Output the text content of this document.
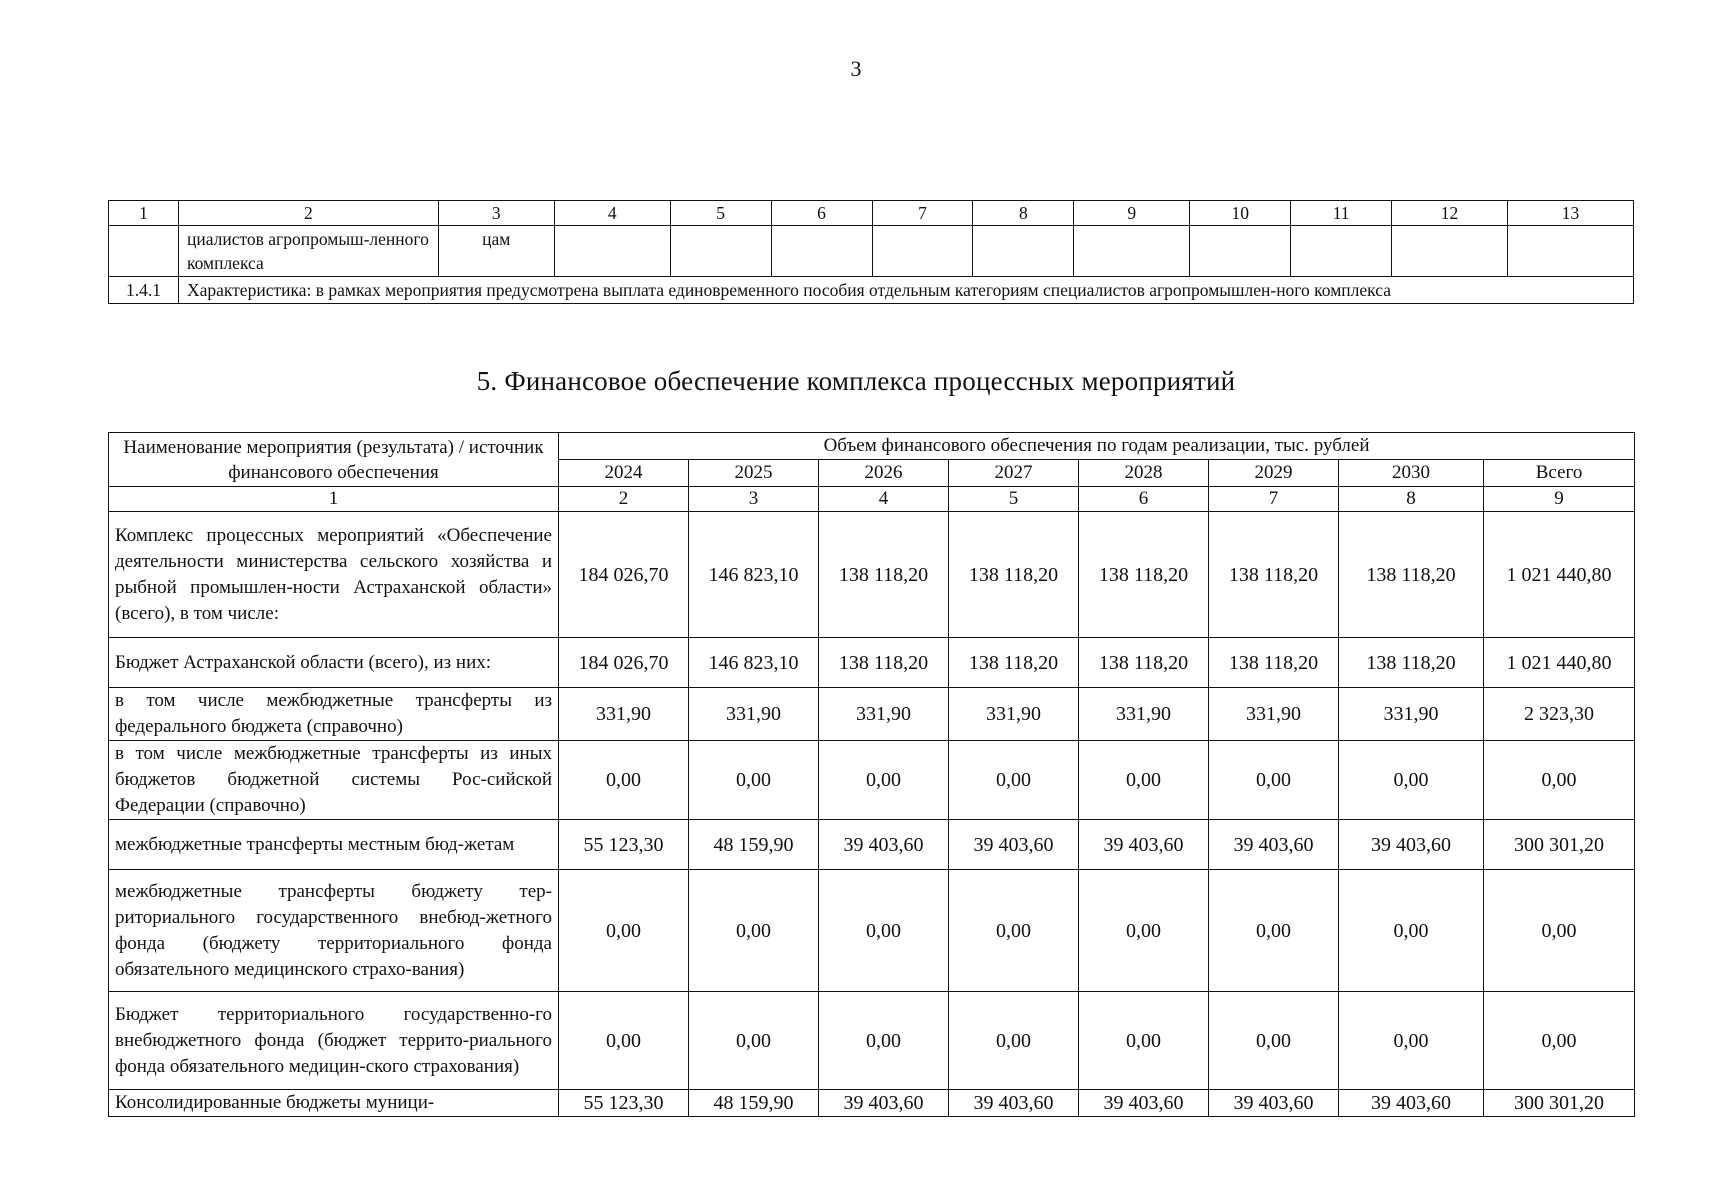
3
1	2	3	4	5	6	7	8	9	10	11	12	13
	циалистов агропромыш-ленного комплекса	цам										
1.4.1	Характеристика: в рамках мероприятия предусмотрена выплата единовременного пособия отдельным категориям специалистов агропромышлен-ного комплекса											
5. Финансовое обеспечение комплекса процессных мероприятий
Наименование мероприятия (результата) / источник финансового обеспечения	Объем финансового обеспечения по годам реализации, тыс. рублей							
	2024	2025	2026	2027	2028	2029	2030	Всего
1	2	3	4	5	6	7	8	9
Комплекс процессных мероприятий «Обеспечение деятельности министерства сельского хозяйства и рыбной промышлен-ности Астраханской области» (всего), в том числе:	184 026,70	146 823,10	138 118,20	138 118,20	138 118,20	138 118,20	138 118,20	1 021 440,80
Бюджет Астраханской области (всего), из них:	184 026,70	146 823,10	138 118,20	138 118,20	138 118,20	138 118,20	138 118,20	1 021 440,80
в том числе межбюджетные трансферты из федерального бюджета (справочно)	331,90	331,90	331,90	331,90	331,90	331,90	331,90	2 323,30
в том числе межбюджетные трансферты из иных бюджетов бюджетной системы Рос-сийской Федерации (справочно)	0,00	0,00	0,00	0,00	0,00	0,00	0,00	0,00
межбюджетные трансферты местным бюд-жетам	55 123,30	48 159,90	39 403,60	39 403,60	39 403,60	39 403,60	39 403,60	300 301,20
межбюджетные трансферты бюджету тер-риториального государственного внебюд-жетного фонда (бюджету территориального фонда обязательного медицинского страхо-вания)	0,00	0,00	0,00	0,00	0,00	0,00	0,00	0,00
Бюджет территориального государственно-го внебюджетного фонда (бюджет террито-риального фонда обязательного медицин-ского страхования)	0,00	0,00	0,00	0,00	0,00	0,00	0,00	0,00
Консолидированные бюджеты муници-	55 123,30	48 159,90	39 403,60	39 403,60	39 403,60	39 403,60	39 403,60	300 301,20
